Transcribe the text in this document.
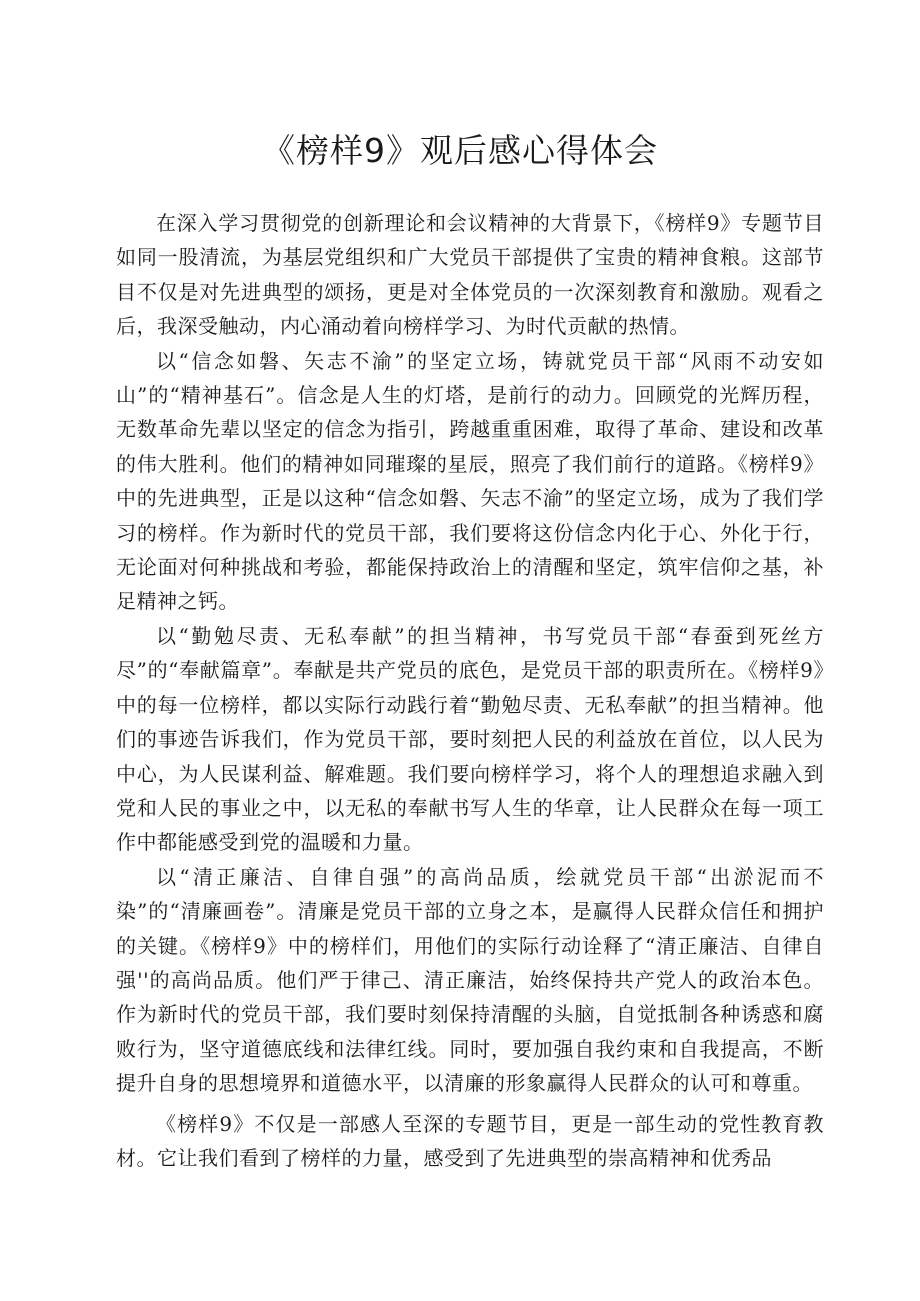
《榜样9》观后感心得体会

在深入学习贯彻党的创新理论和会议精神的大背景下，《榜样9》专题节目如同一股清流，为基层党组织和广大党员干部提供了宝贵的精神食粮。这部节目不仅是对先进典型的颂扬，更是对全体党员的一次深刻教育和激励。观看之后，我深受触动，内心涌动着向榜样学习、为时代贡献的热情。

以“信念如磐、矢志不渝”的坚定立场，铸就党员干部“风雨不动安如山”的“精神基石”。信念是人生的灯塔，是前行的动力。回顾党的光辉历程，无数革命先辈以坚定的信念为指引，跨越重重困难，取得了革命、建设和改革的伟大胜利。他们的精神如同璀璨的星辰，照亮了我们前行的道路。《榜样9》中的先进典型，正是以这种“信念如磐、矢志不渝”的坚定立场，成为了我们学习的榜样。作为新时代的党员干部，我们要将这份信念内化于心、外化于行，无论面对何种挑战和考验，都能保持政治上的清醒和坚定，筑牢信仰之基，补足精神之钙。

以“勤勉尽责、无私奉献”的担当精神，书写党员干部“春蚕到死丝方尽”的“奉献篇章”。奉献是共产党员的底色，是党员干部的职责所在。《榜样9》中的每一位榜样，都以实际行动践行着“勤勉尽责、无私奉献”的担当精神。他们的事迹告诉我们，作为党员干部，要时刻把人民的利益放在首位，以人民为中心，为人民谋利益、解难题。我们要向榜样学习，将个人的理想追求融入到党和人民的事业之中，以无私的奉献书写人生的华章，让人民群众在每一项工作中都能感受到党的温暖和力量。

以“清正廉洁、自律自强”的高尚品质，绘就党员干部“出淤泥而不染”的“清廉画卷”。清廉是党员干部的立身之本，是赢得人民群众信任和拥护的关键。《榜样9》中的榜样们，用他们的实际行动诠释了“清正廉洁、自律自强''的高尚品质。他们严于律己、清正廉洁，始终保持共产党人的政治本色。作为新时代的党员干部，我们要时刻保持清醒的头脑，自觉抵制各种诱惑和腐败行为，坚守道德底线和法律红线。同时，要加强自我约束和自我提高，不断提升自身的思想境界和道德水平，以清廉的形象赢得人民群众的认可和尊重。

《榜样9》不仅是一部感人至深的专题节目，更是一部生动的党性教育教材。它让我们看到了榜样的力量，感受到了先进典型的崇高精神和优秀品
